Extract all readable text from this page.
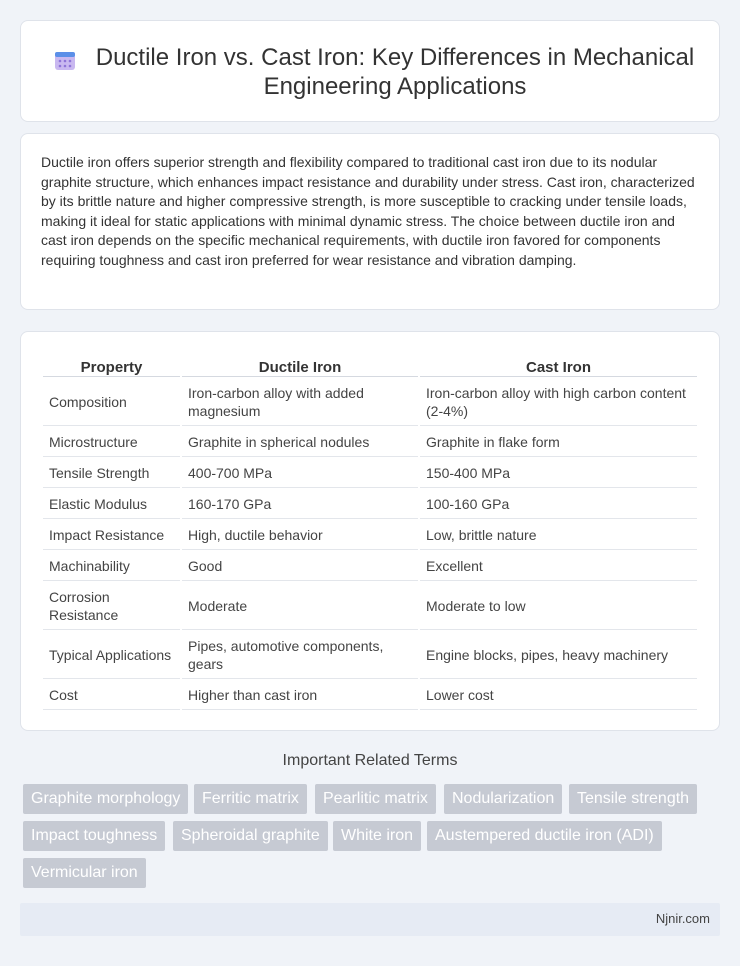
Ductile Iron vs. Cast Iron: Key Differences in Mechanical Engineering Applications

Ductile iron offers superior strength and flexibility compared to traditional cast iron due to its nodular graphite structure, which enhances impact resistance and durability under stress. Cast iron, characterized by its brittle nature and higher compressive strength, is more susceptible to cracking under tensile loads, making it ideal for static applications with minimal dynamic stress. The choice between ductile iron and cast iron depends on the specific mechanical requirements, with ductile iron favored for components requiring toughness and cast iron preferred for wear resistance and vibration damping.

Property	Ductile Iron	Cast Iron
Composition	Iron-carbon alloy with added magnesium	Iron-carbon alloy with high carbon content (2-4%)
Microstructure	Graphite in spherical nodules	Graphite in flake form
Tensile Strength	400-700 MPa	150-400 MPa
Elastic Modulus	160-170 GPa	100-160 GPa
Impact Resistance	High, ductile behavior	Low, brittle nature
Machinability	Good	Excellent
Corrosion Resistance	Moderate	Moderate to low
Typical Applications	Pipes, automotive components, gears	Engine blocks, pipes, heavy machinery
Cost	Higher than cast iron	Lower cost
Important Related Terms
Graphite morphology	Ferritic matrix	Pearlitic matrix	Nodularization	Tensile strength
Impact toughness	Spheroidal graphite	White iron	Austempered ductile iron (ADI)
Vermicular iron
Njnir.com
